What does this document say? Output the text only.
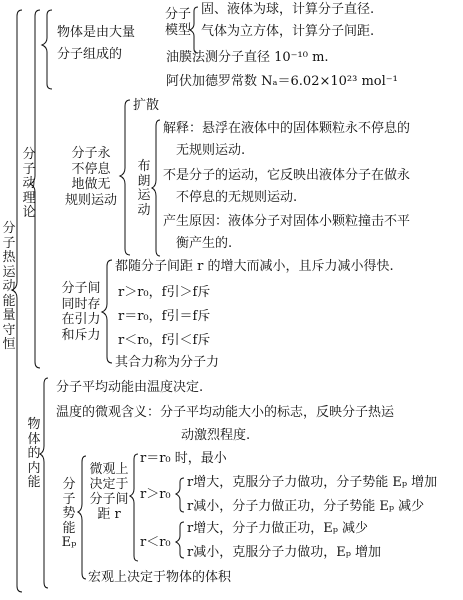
分子热运动能量守恒
分子动理论
物体是由大量
分子组成的
分子模型
固、液体为球，计算分子直径.
气体为立方体，计算分子间距.
油膜法测分子直径 10⁻¹⁰ m.
阿伏加德罗常数 Nₐ＝6.02×10²³ mol⁻¹
分子永
不停息
地做无
规则运动
扩散
布朗运动
解释：悬浮在液体中的固体颗粒永不停息的
无规则运动.
不是分子的运动，它反映出液体分子在做永
不停息的无规则运动.
产生原因：液体分子对固体小颗粒撞击不平
衡产生的.
分子间
同时存
在引力
和斥力
都随分子间距 r 的增大而减小，且斥力减小得快.
r＞r₀，f引＞f斥
r＝r₀，f引＝f斥
r＜r₀，f引＜f斥
其合力称为分子力
物体的内能
分子平均动能由温度决定.
温度的微观含义：分子平均动能大小的标志，反映分子热运
动激烈程度.
分子势能Eₚ
微观上决定于分子间距 r
r＝r₀ 时，最小
r＞r₀
r增大，克服分子力做功，分子势能 Eₚ 增加
r减小，分子力做正功，分子势能 Eₚ 减少
r＜r₀
r增大，分子力做正功，Eₚ 减少
r减小，克服分子力做功，Eₚ 增加
宏观上决定于物体的体积
